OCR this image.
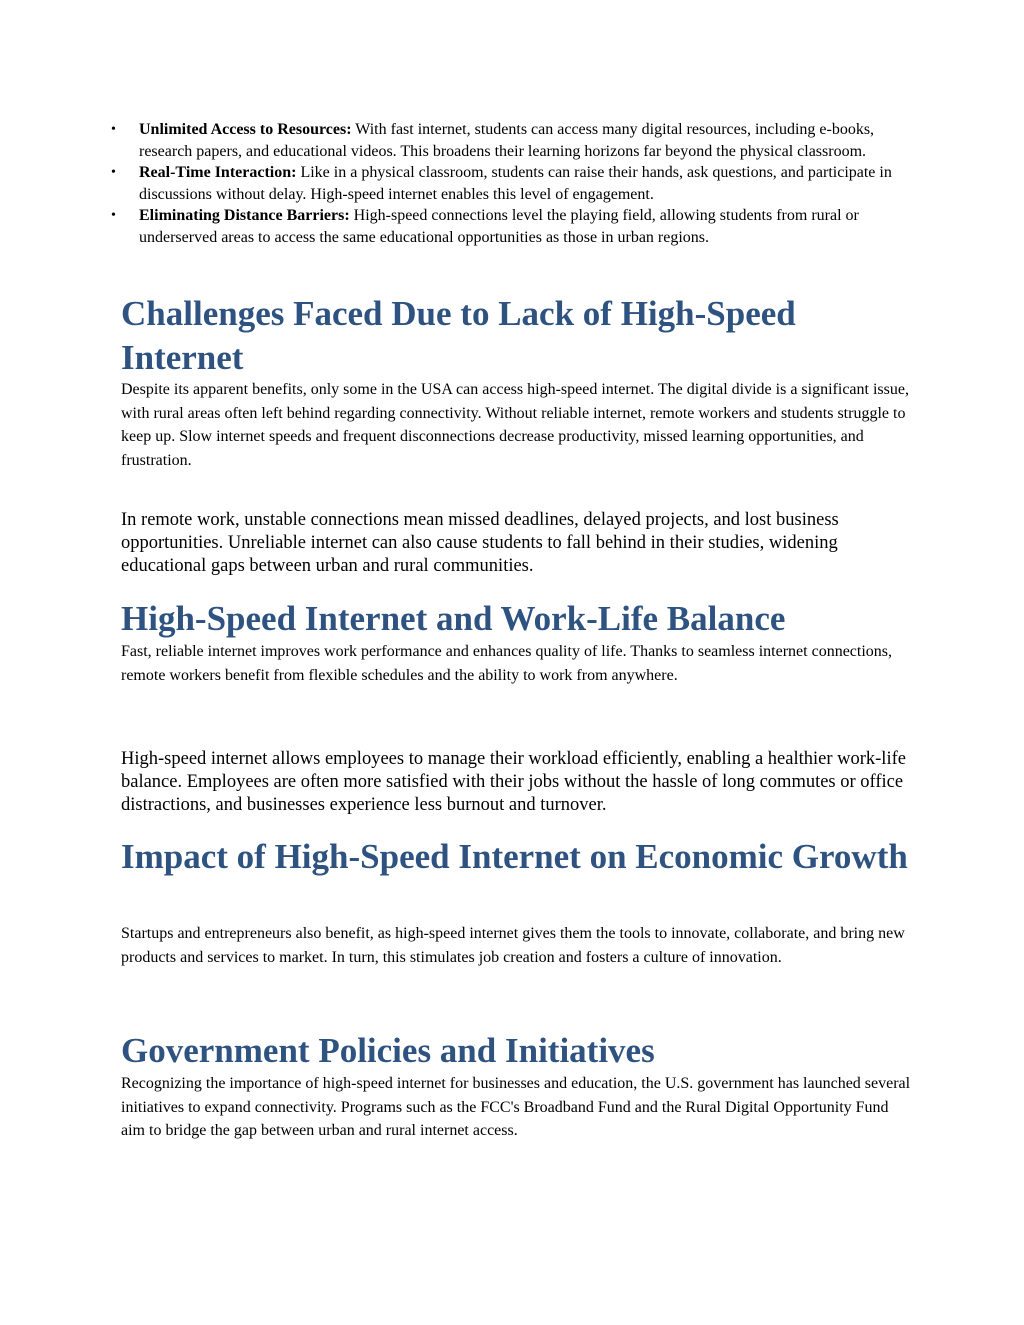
• Unlimited Access to Resources: With fast internet, students can access many digital resources, including e-books, research papers, and educational videos. This broadens their learning horizons far beyond the physical classroom.
• Real-Time Interaction: Like in a physical classroom, students can raise their hands, ask questions, and participate in discussions without delay. High-speed internet enables this level of engagement.
• Eliminating Distance Barriers: High-speed connections level the playing field, allowing students from rural or underserved areas to access the same educational opportunities as those in urban regions.
Challenges Faced Due to Lack of High-Speed Internet

Despite its apparent benefits, only some in the USA can access high-speed internet. The digital divide is a significant issue, with rural areas often left behind regarding connectivity. Without reliable internet, remote workers and students struggle to keep up. Slow internet speeds and frequent disconnections decrease productivity, missed learning opportunities, and frustration.

In remote work, unstable connections mean missed deadlines, delayed projects, and lost business opportunities. Unreliable internet can also cause students to fall behind in their studies, widening educational gaps between urban and rural communities.

High-Speed Internet and Work-Life Balance

Fast, reliable internet improves work performance and enhances quality of life. Thanks to seamless internet connections, remote workers benefit from flexible schedules and the ability to work from anywhere.

High-speed internet allows employees to manage their workload efficiently, enabling a healthier work-life balance. Employees are often more satisfied with their jobs without the hassle of long commutes or office distractions, and businesses experience less burnout and turnover.

Impact of High-Speed Internet on Economic Growth

Startups and entrepreneurs also benefit, as high-speed internet gives them the tools to innovate, collaborate, and bring new products and services to market. In turn, this stimulates job creation and fosters a culture of innovation.

Government Policies and Initiatives

Recognizing the importance of high-speed internet for businesses and education, the U.S. government has launched several initiatives to expand connectivity. Programs such as the FCC's Broadband Fund and the Rural Digital Opportunity Fund aim to bridge the gap between urban and rural internet access.
